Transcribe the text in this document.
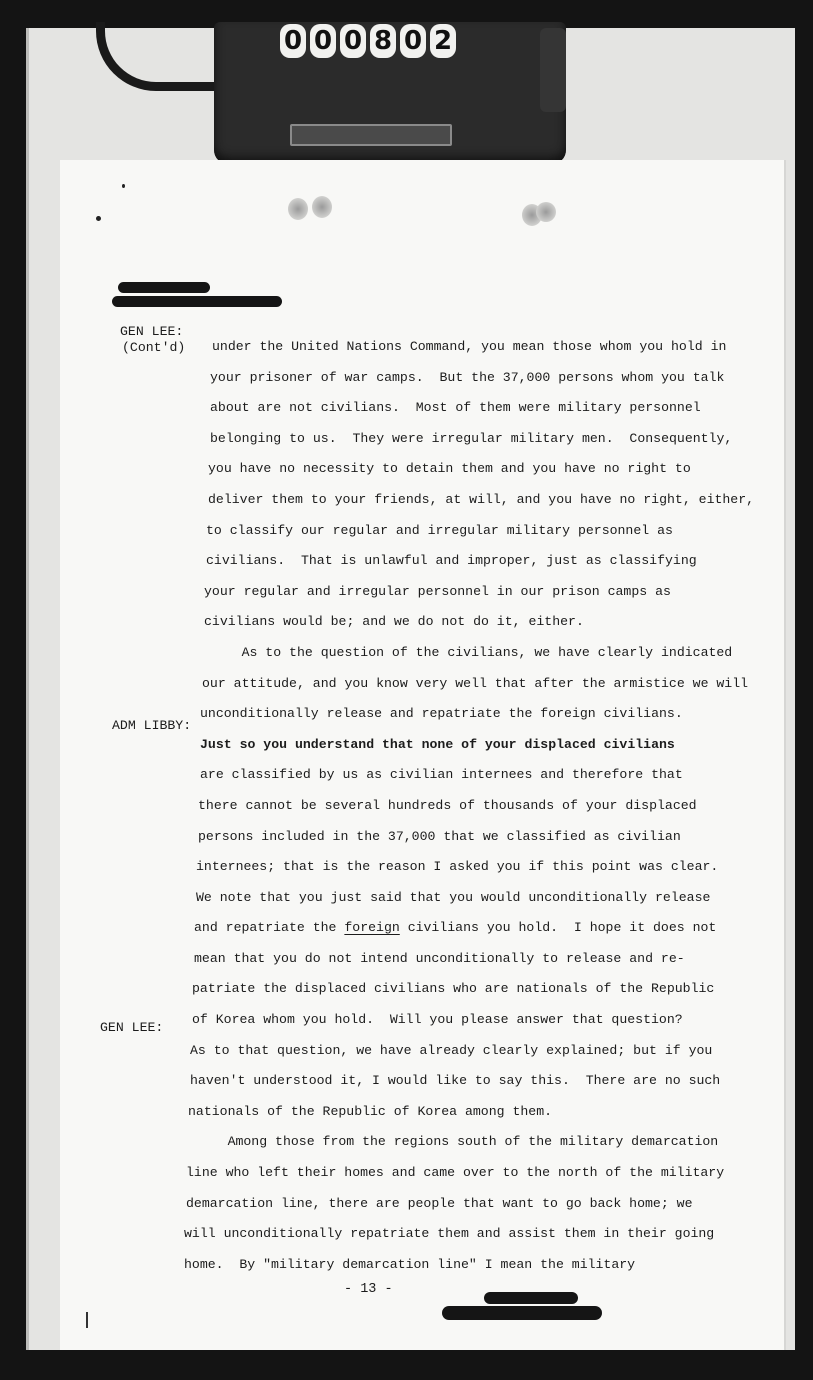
0 0 0 8 0 2
GEN LEE:
(Cont'd)
ADM LIBBY:
GEN LEE:
under the United Nations Command, you mean those whom you hold in
your prisoner of war camps.  But the 37,000 persons whom you talk
about are not civilians.  Most of them were military personnel
belonging to us.  They were irregular military men.  Consequently,
you have no necessity to detain them and you have no right to
deliver them to your friends, at will, and you have no right, either,
to classify our regular and irregular military personnel as
civilians.  That is unlawful and improper, just as classifying
your regular and irregular personnel in our prison camps as
civilians would be; and we do not do it, either.
As to the question of the civilians, we have clearly indicated
our attitude, and you know very well that after the armistice we will
unconditionally release and repatriate the foreign civilians.
Just so you understand that none of your displaced civilians
are classified by us as civilian internees and therefore that
there cannot be several hundreds of thousands of your displaced
persons included in the 37,000 that we classified as civilian
internees; that is the reason I asked you if this point was clear.
We note that you just said that you would unconditionally release
and repatriate the foreign civilians you hold.  I hope it does not
mean that you do not intend unconditionally to release and re-
patriate the displaced civilians who are nationals of the Republic
of Korea whom you hold.  Will you please answer that question?
As to that question, we have already clearly explained; but if you
haven't understood it, I would like to say this.  There are no such
nationals of the Republic of Korea among them.
Among those from the regions south of the military demarcation
line who left their homes and came over to the north of the military
demarcation line, there are people that want to go back home; we
will unconditionally repatriate them and assist them in their going
home.  By "military demarcation line" I mean the military
- 13 -
